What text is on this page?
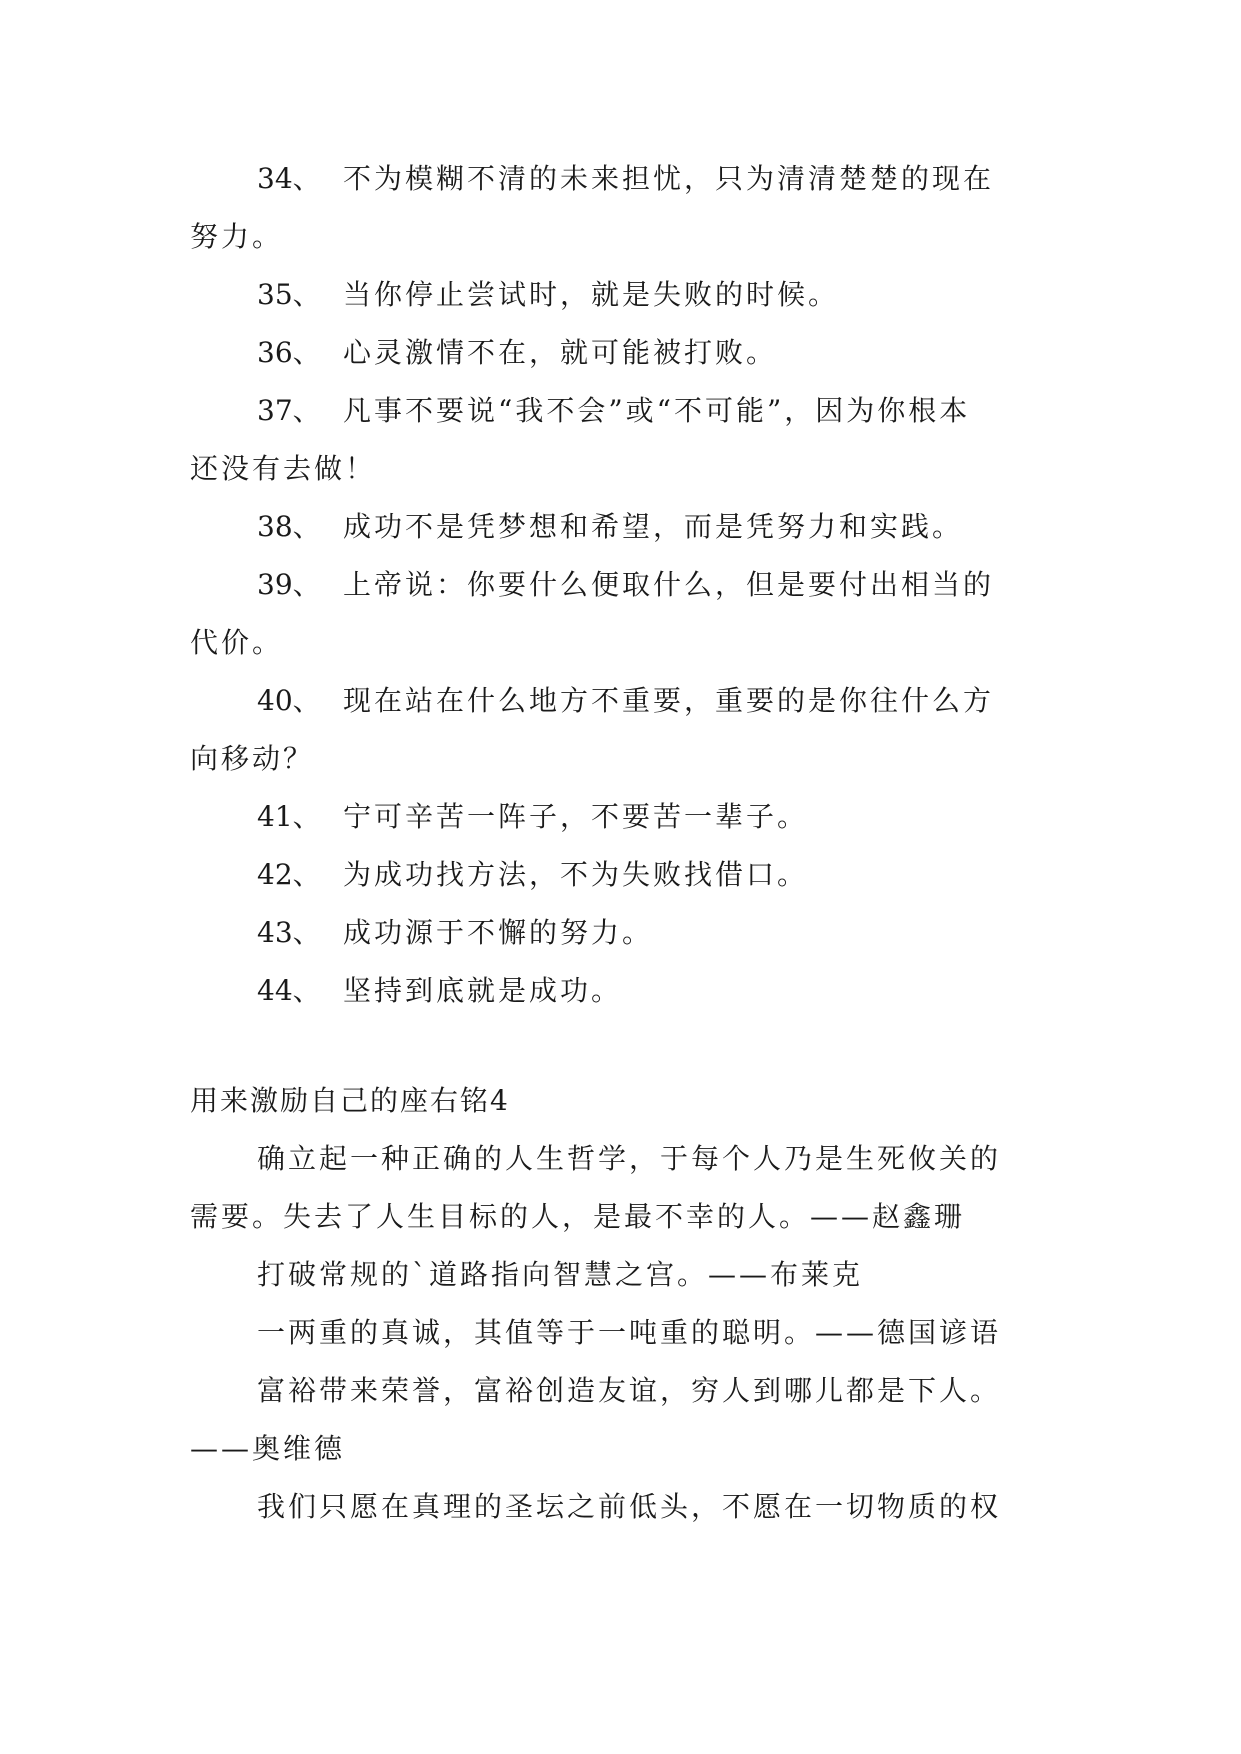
34、 不为模糊不清的未来担忧，只为清清楚楚的现在
努力。
35、 当你停止尝试时，就是失败的时候。
36、 心灵激情不在，就可能被打败。
37、 凡事不要说“我不会”或“不可能”，因为你根本
还没有去做！
38、 成功不是凭梦想和希望，而是凭努力和实践。
39、 上帝说：你要什么便取什么，但是要付出相当的
代价。
40、 现在站在什么地方不重要，重要的是你往什么方
向移动？
41、 宁可辛苦一阵子，不要苦一辈子。
42、 为成功找方法，不为失败找借口。
43、 成功源于不懈的努力。
44、 坚持到底就是成功。
用来激励自己的座右铭4
确立起一种正确的人生哲学，于每个人乃是生死攸关的
需要。失去了人生目标的人，是最不幸的人。——赵鑫珊
打破常规的`道路指向智慧之宫。——布莱克
一两重的真诚，其值等于一吨重的聪明。——德国谚语
富裕带来荣誉，富裕创造友谊，穷人到哪儿都是下人。
——奥维德
我们只愿在真理的圣坛之前低头，不愿在一切物质的权
